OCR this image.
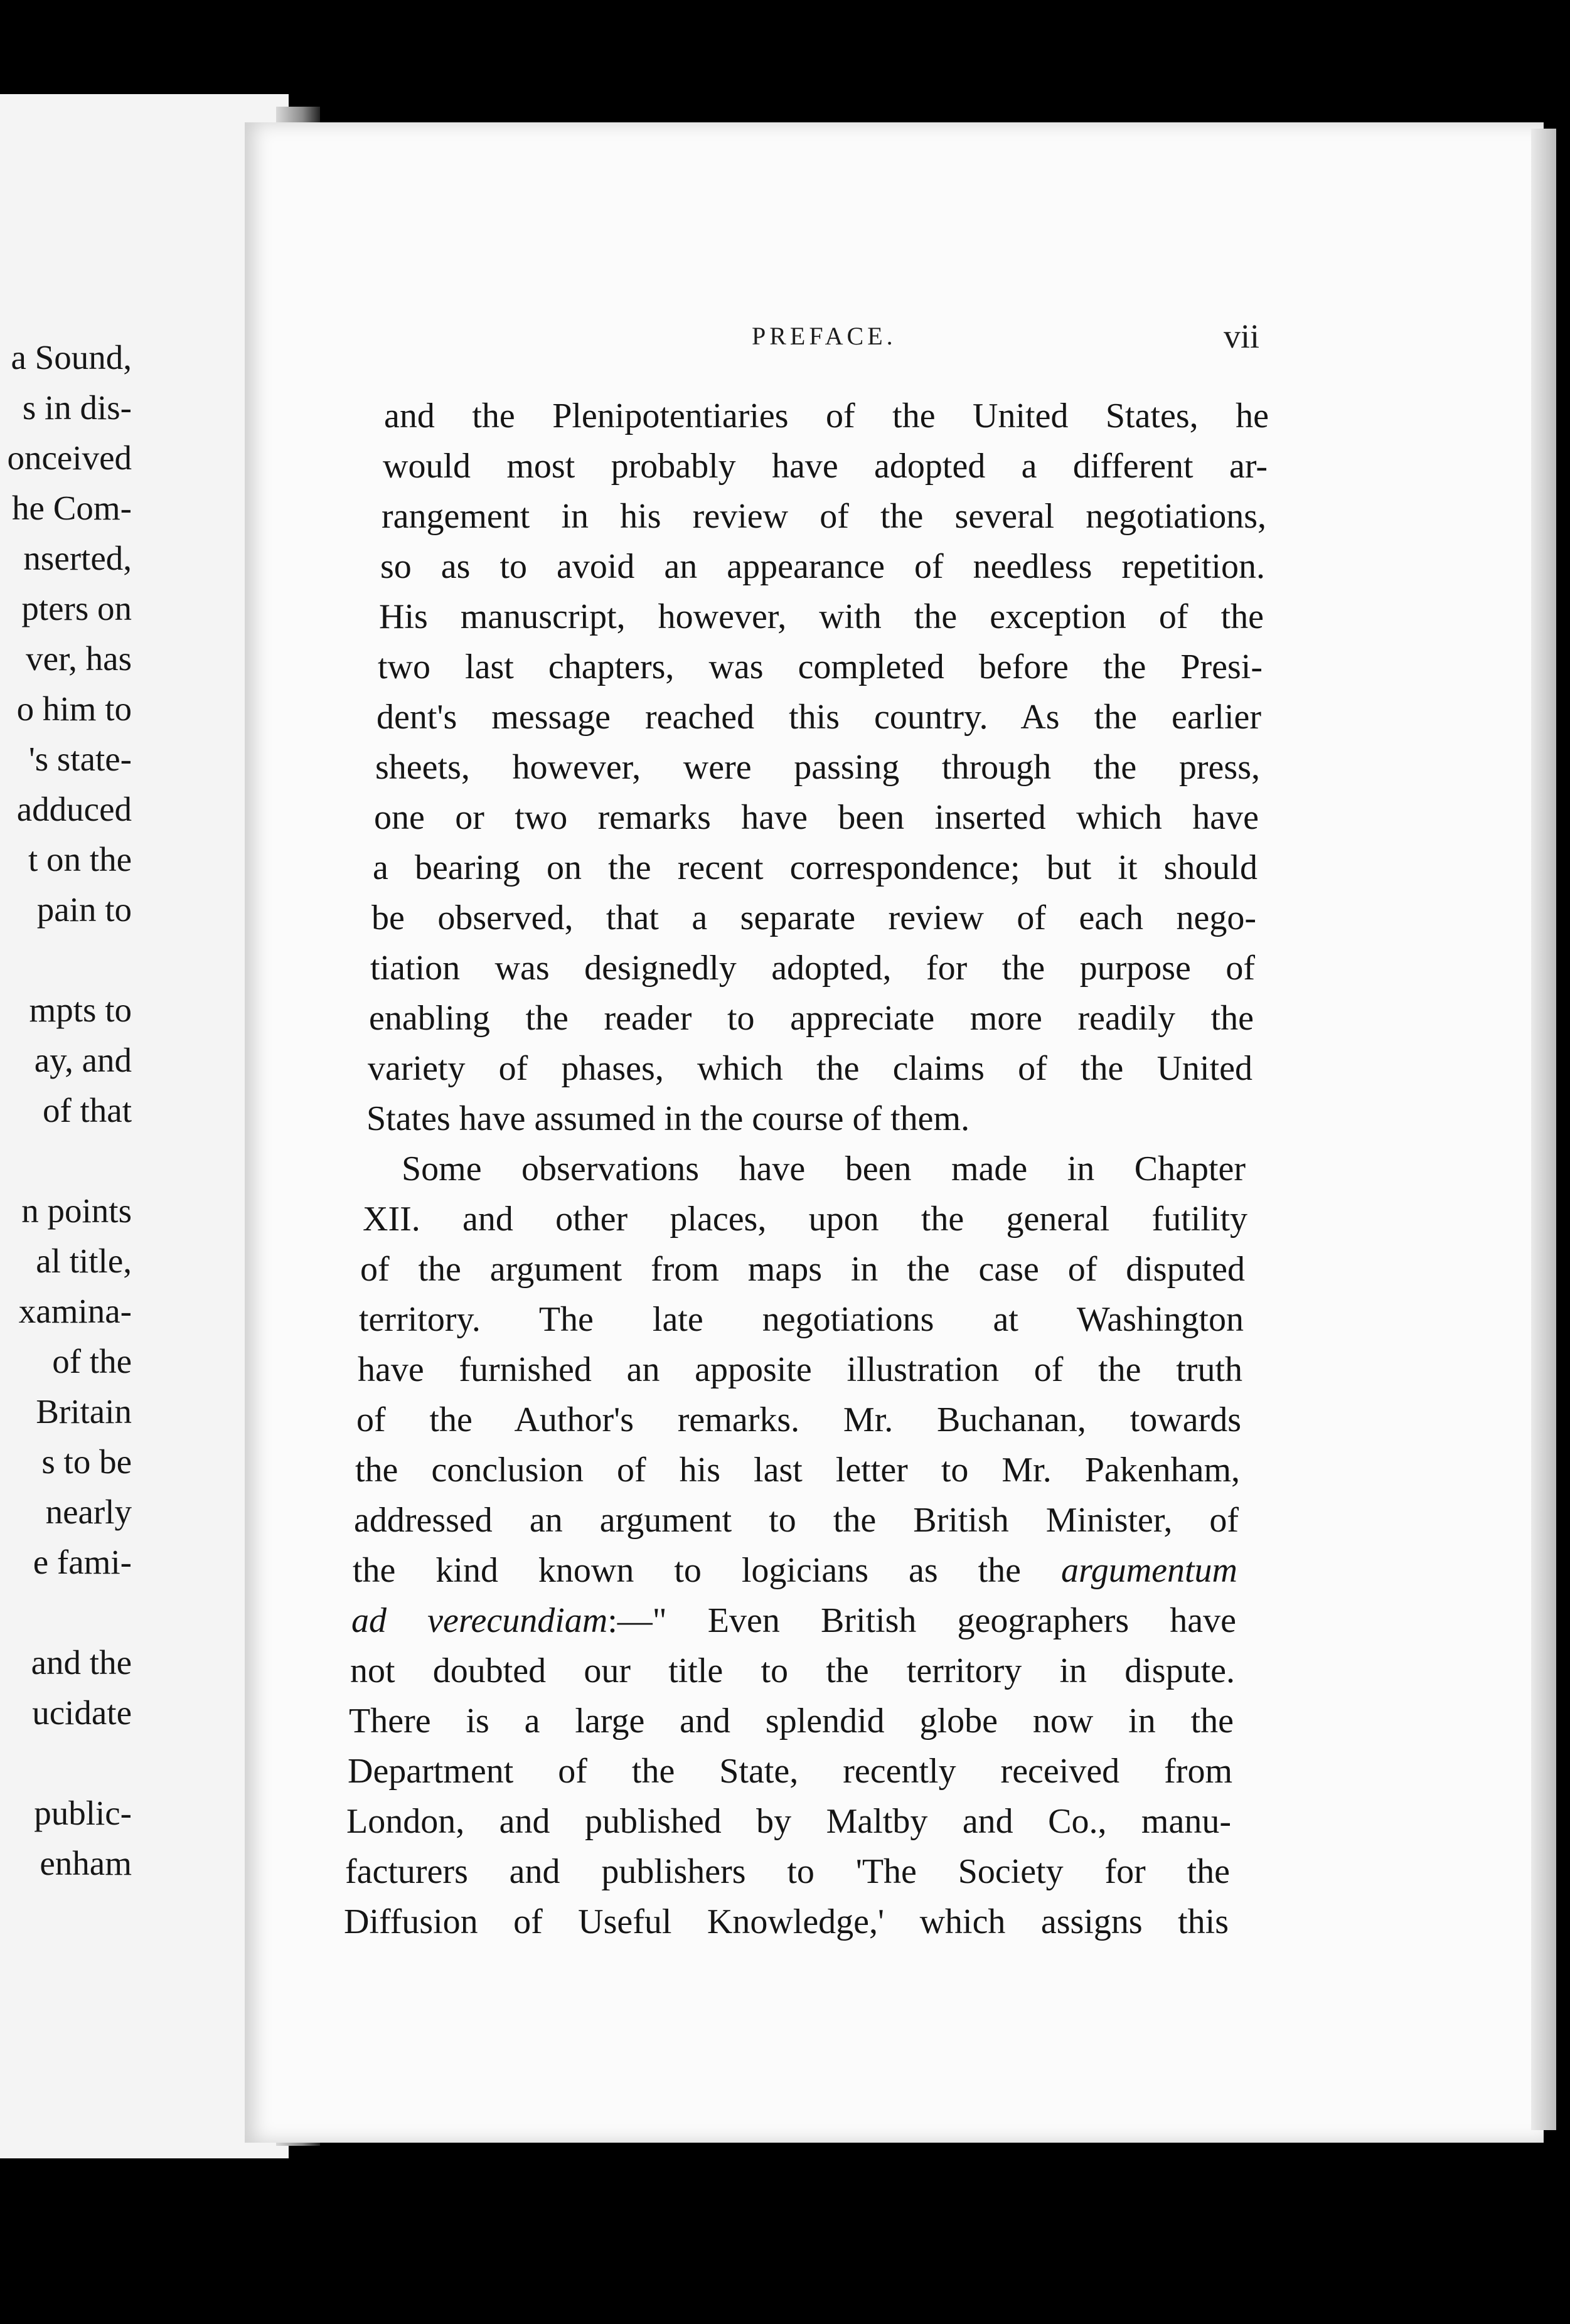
a Sound,
s in dis-
onceived
he Com-
nserted,
pters on
ver, has
o him to
's state-
adduced
t on the
pain to
mpts to
ay, and
of that
n points
al title,
xamina-
of the
Britain
s to be
nearly
e fami-
and the
ucidate
public-
enham
PREFACE.	vii
and the Plenipotentiaries of the United States, he
would most probably have adopted a different ar-
rangement in his review of the several negotiations,
so as to avoid an appearance of needless repetition.
His manuscript, however, with the exception of the
two last chapters, was completed before the Presi-
dent's message reached this country. As the earlier
sheets, however, were passing through the press,
one or two remarks have been inserted which have
a bearing on the recent correspondence; but it should
be observed, that a separate review of each nego-
tiation was designedly adopted, for the purpose of
enabling the reader to appreciate more readily the
variety of phases, which the claims of the United
States have assumed in the course of them.
Some observations have been made in Chapter
XII. and other places, upon the general futility
of the argument from maps in the case of disputed
territory. The late negotiations at Washington
have furnished an apposite illustration of the truth
of the Author's remarks. Mr. Buchanan, towards
the conclusion of his last letter to Mr. Pakenham,
addressed an argument to the British Minister, of
the kind known to logicians as the argumentum
ad verecundiam:—" Even British geographers have
not doubted our title to the territory in dispute.
There is a large and splendid globe now in the
Department of the State, recently received from
London, and published by Maltby and Co., manu-
facturers and publishers to 'The Society for the
Diffusion of Useful Knowledge,' which assigns this
